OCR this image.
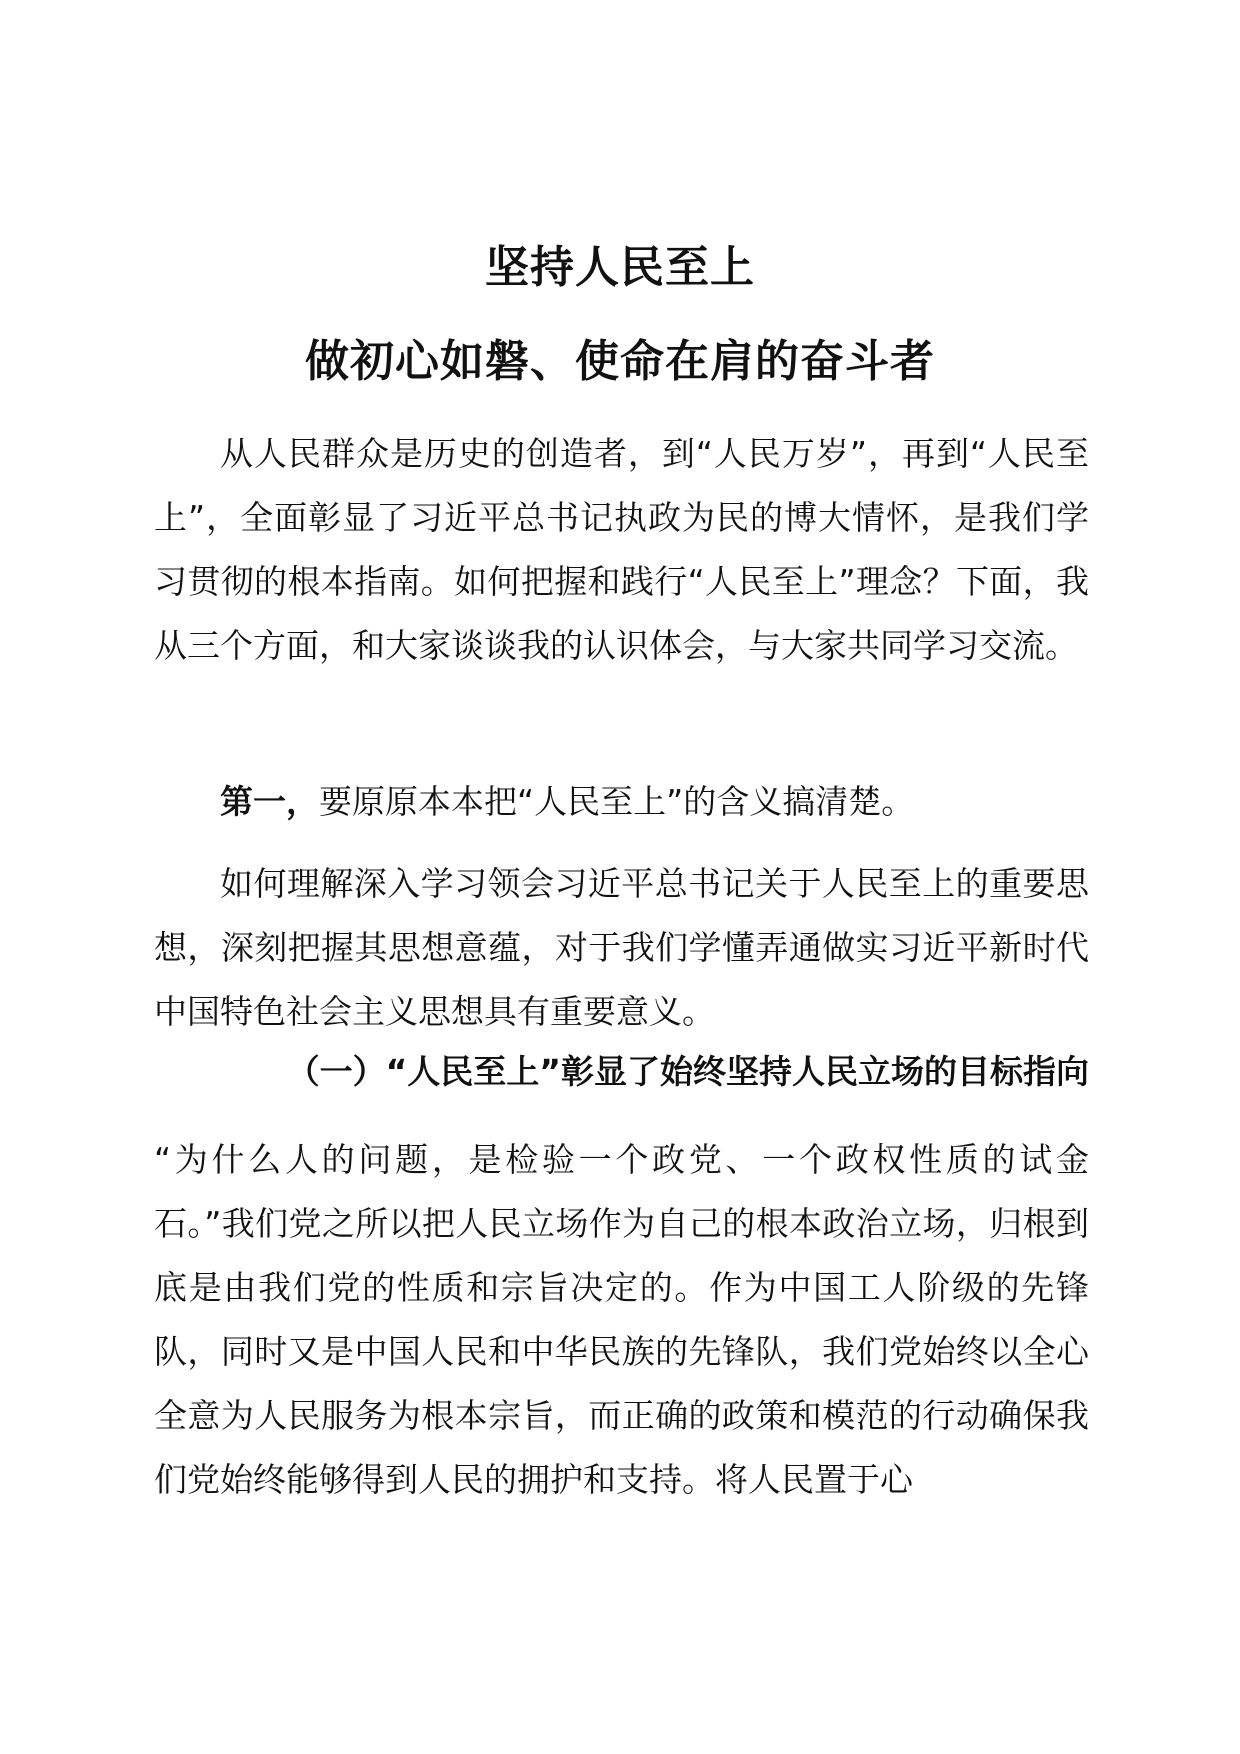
坚持人民至上
做初心如磐、使命在肩的奋斗者
从人民群众是历史的创造者，到“人民万岁”，再到“人民至上”，全面彰显了习近平总书记执政为民的博大情怀，是我们学习贯彻的根本指南。如何把握和践行“人民至上”理念？下面，我从三个方面，和大家谈谈我的认识体会，与大家共同学习交流。
第一，要原原本本把“人民至上”的含义搞清楚。
如何理解深入学习领会习近平总书记关于人民至上的重要思想，深刻把握其思想意蕴，对于我们学懂弄通做实习近平新时代中国特色社会主义思想具有重要意义。
（一）“人民至上”彰显了始终坚持人民立场的目标指向
“为什么人的问题，是检验一个政党、一个政权性质的试金石。”我们党之所以把人民立场作为自己的根本政治立场，归根到底是由我们党的性质和宗旨决定的。作为中国工人阶级的先锋队，同时又是中国人民和中华民族的先锋队，我们党始终以全心全意为人民服务为根本宗旨，而正确的政策和模范的行动确保我们党始终能够得到人民的拥护和支持。将人民置于心
